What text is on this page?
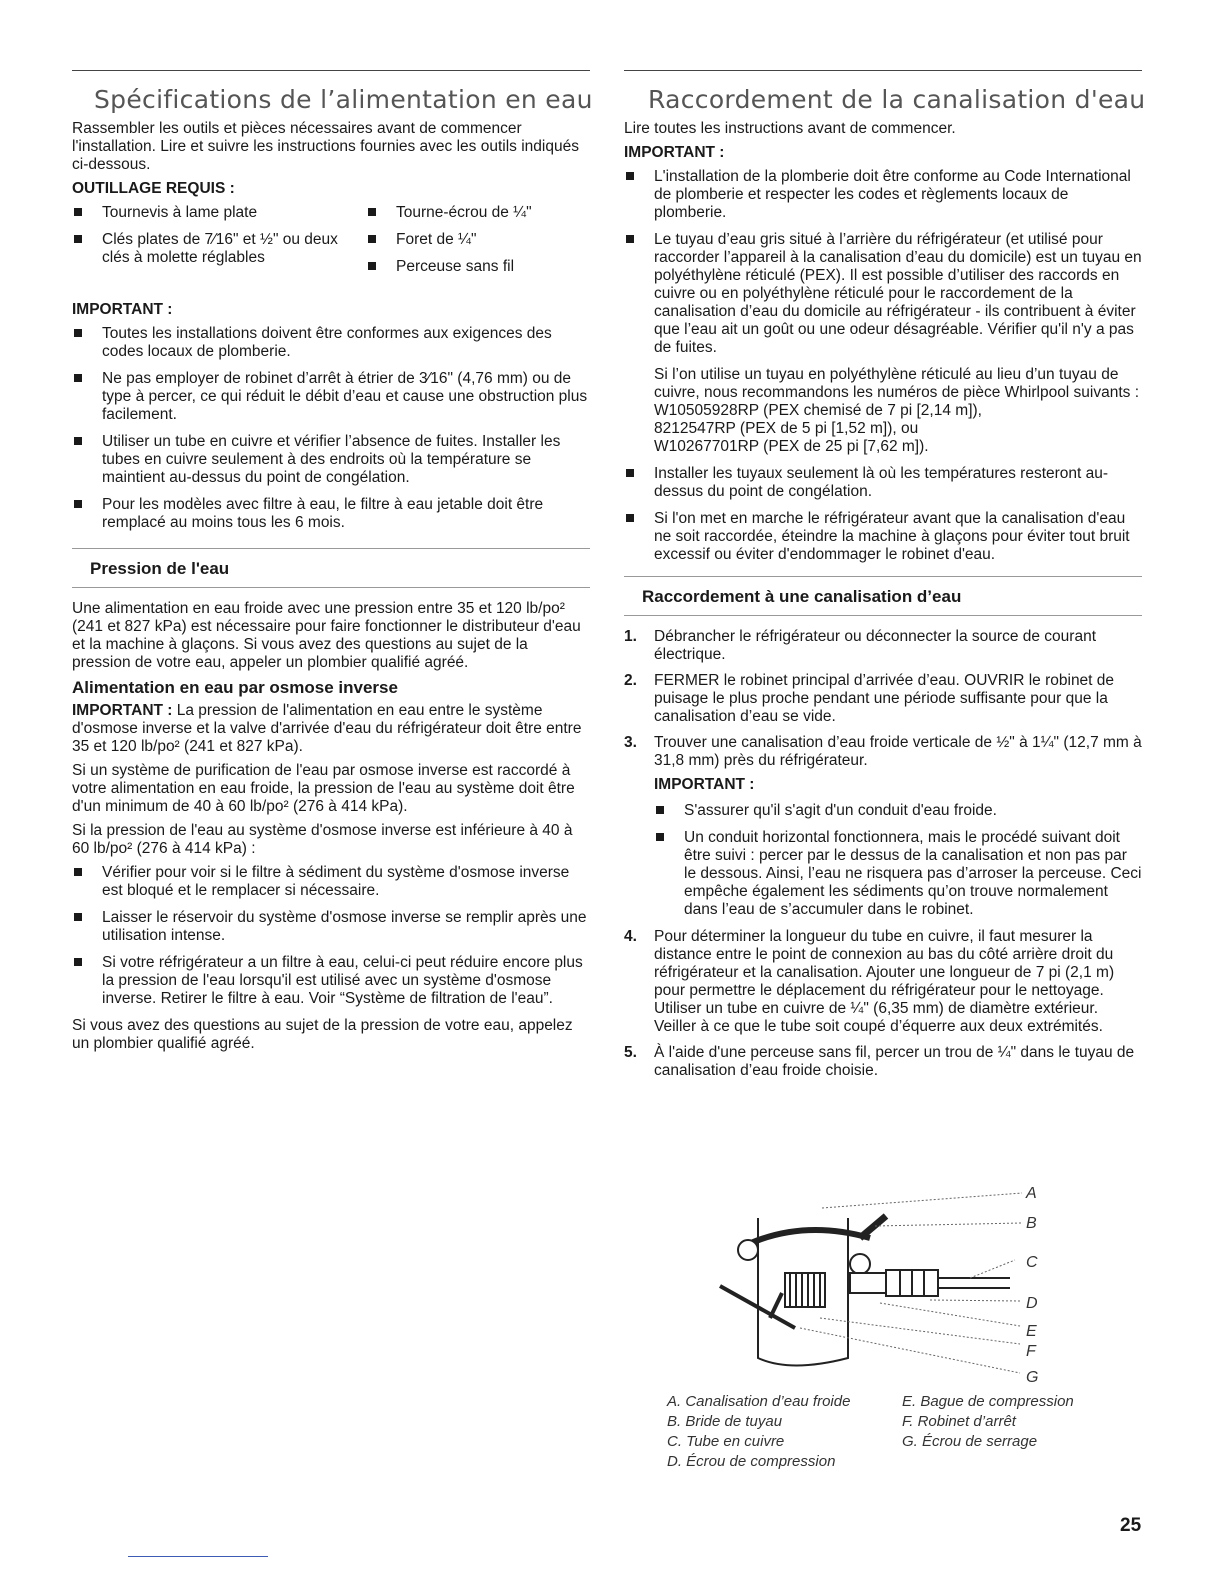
Spécifications de l’alimentation en eau

Rassembler les outils et pièces nécessaires avant de commencer l'installation. Lire et suivre les instructions fournies avec les outils indiqués ci-dessous.

OUTILLAGE REQUIS :
Tournevis à lame plate
Clés plates de 7⁄16" et ½" ou deux clés à molette réglables
Tourne-écrou de ¼"
Foret de ¼"
Perceuse sans fil
IMPORTANT :
Toutes les installations doivent être conformes aux exigences des codes locaux de plomberie.
Ne pas employer de robinet d’arrêt à étrier de 3⁄16" (4,76 mm) ou de type à percer, ce qui réduit le débit d’eau et cause une obstruction plus facilement.
Utiliser un tube en cuivre et vérifier l’absence de fuites. Installer les tubes en cuivre seulement à des endroits où la température se maintient au-dessus du point de congélation.
Pour les modèles avec filtre à eau, le filtre à eau jetable doit être remplacé au moins tous les 6 mois.
Pression de l'eau

Une alimentation en eau froide avec une pression entre 35 et 120 lb/po² (241 et 827 kPa) est nécessaire pour faire fonctionner le distributeur d'eau et la machine à glaçons. Si vous avez des questions au sujet de la pression de votre eau, appeler un plombier qualifié agréé.

Alimentation en eau par osmose inverse

IMPORTANT : La pression de l'alimentation en eau entre le système d'osmose inverse et la valve d'arrivée d'eau du réfrigérateur doit être entre 35 et 120 lb/po² (241 et 827 kPa).

Si un système de purification de l'eau par osmose inverse est raccordé à votre alimentation en eau froide, la pression de l'eau au système doit être d'un minimum de 40 à 60 lb/po² (276 à 414 kPa).

Si la pression de l'eau au système d'osmose inverse est inférieure à 40 à 60 lb/po² (276 à 414 kPa) :

Vérifier pour voir si le filtre à sédiment du système d'osmose inverse est bloqué et le remplacer si nécessaire.
Laisser le réservoir du système d'osmose inverse se remplir après une utilisation intense.
Si votre réfrigérateur a un filtre à eau, celui-ci peut réduire encore plus la pression de l'eau lorsqu'il est utilisé avec un système d'osmose inverse. Retirer le filtre à eau. Voir “Système de filtration de l'eau”.

Si vous avez des questions au sujet de la pression de votre eau, appelez un plombier qualifié agréé.

Raccordement de la canalisation d'eau

Lire toutes les instructions avant de commencer.

IMPORTANT :
L'installation de la plomberie doit être conforme au Code International de plomberie et respecter les codes et règlements locaux de plomberie.
Le tuyau d’eau gris situé à l’arrière du réfrigérateur (et utilisé pour raccorder l’appareil à la canalisation d’eau du domicile) est un tuyau en polyéthylène réticulé (PEX). Il est possible d’utiliser des raccords en cuivre ou en polyéthylène réticulé pour le raccordement de la canalisation d’eau du domicile au réfrigérateur - ils contribuent à éviter que l’eau ait un goût ou une odeur désagréable. Vérifier qu'il n'y a pas de fuites.
Si l’on utilise un tuyau en polyéthylène réticulé au lieu d’un tuyau de cuivre, nous recommandons les numéros de pièce Whirlpool suivants :
W10505928RP (PEX chemisé de 7 pi [2,14 m]),
8212547RP (PEX de 5 pi [1,52 m]), ou
W10267701RP (PEX de 25 pi [7,62 m]).
Installer les tuyaux seulement là où les températures resteront au-dessus du point de congélation.
Si l'on met en marche le réfrigérateur avant que la canalisation d'eau ne soit raccordée, éteindre la machine à glaçons pour éviter tout bruit excessif ou éviter d'endommager le robinet d'eau.
Raccordement à une canalisation d’eau
1. Débrancher le réfrigérateur ou déconnecter la source de courant électrique.
2. FERMER le robinet principal d’arrivée d’eau. OUVRIR le robinet de puisage le plus proche pendant une période suffisante pour que la canalisation d’eau se vide.
3. Trouver une canalisation d’eau froide verticale de ½" à 1¼" (12,7 mm à 31,8 mm) près du réfrigérateur.
IMPORTANT :
S'assurer qu'il s'agit d'un conduit d'eau froide.
Un conduit horizontal fonctionnera, mais le procédé suivant doit être suivi : percer par le dessus de la canalisation et non pas par le dessous. Ainsi, l’eau ne risquera pas d’arroser la perceuse. Ceci empêche également les sédiments qu’on trouve normalement dans l’eau de s’accumuler dans le robinet.
4. Pour déterminer la longueur du tube en cuivre, il faut mesurer la distance entre le point de connexion au bas du côté arrière droit du réfrigérateur et la canalisation. Ajouter une longueur de 7 pi (2,1 m) pour permettre le déplacement du réfrigérateur pour le nettoyage. Utiliser un tube en cuivre de ¼" (6,35 mm) de diamètre extérieur. Veiller à ce que le tube soit coupé d’équerre aux deux extrémités.
5. À l'aide d'une perceuse sans fil, percer un trou de ¼" dans le tuyau de canalisation d’eau froide choisie.
A
B
C
D
E
F
G
A. Canalisation d’eau froide
B. Bride de tuyau
C. Tube en cuivre
D. Écrou de compression
E. Bague de compression
F. Robinet d’arrêt
G. Écrou de serrage
25
